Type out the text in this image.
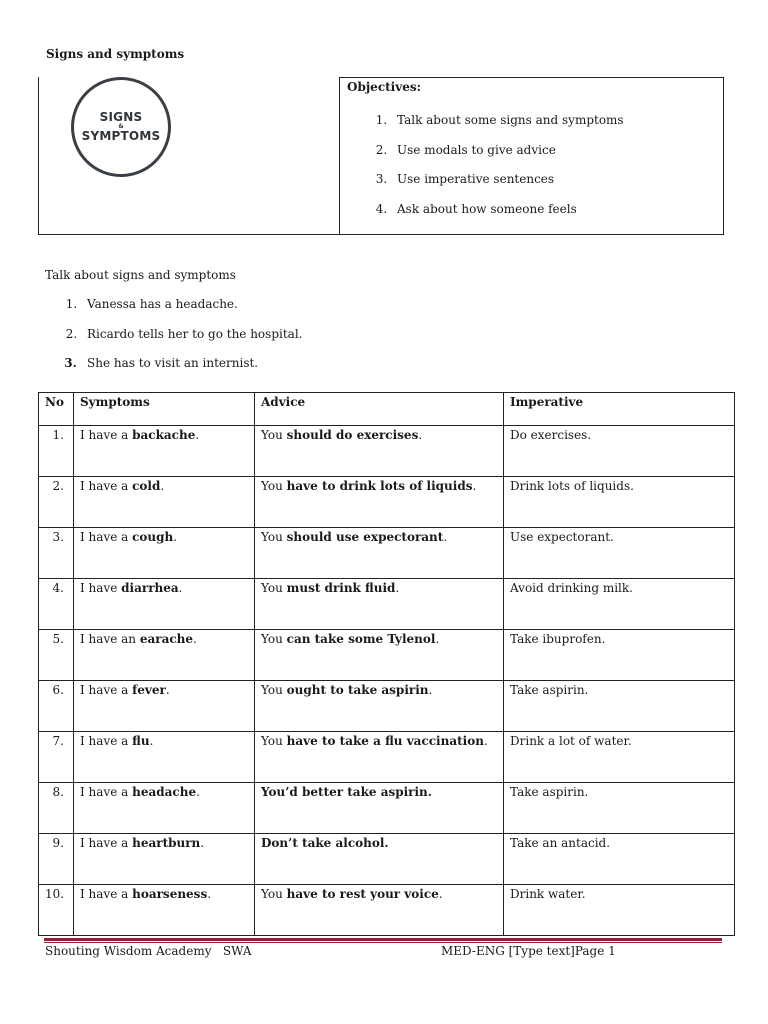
Signs and symptoms
SIGNS
&
SYMPTOMS
Objectives:
1. Talk about some signs and symptoms
2. Use modals to give advice
3. Use imperative sentences
4. Ask about how someone feels
Talk about signs and symptoms
1. Vanessa has a headache.
2. Ricardo tells her to go the hospital.
3. She has to visit an internist.
No	Symptoms	Advice	Imperative
1.	I have a backache.	You should do exercises.	Do exercises.
2.	I have a cold.	You have to drink lots of liquids.	Drink lots of liquids.
3.	I have a cough.	You should use expectorant.	Use expectorant.
4.	I have diarrhea.	You must drink fluid.	Avoid drinking milk.
5.	I have an earache.	You can take some Tylenol.	Take ibuprofen.
6.	I have a fever.	You ought to take aspirin.	Take aspirin.
7.	I have a flu.	You have to take a flu vaccination.	Drink a lot of water.
8.	I have a headache.	You’d better take aspirin.	Take aspirin.
9.	I have a heartburn.	Don’t take alcohol.	Take an antacid.
10.	I have a hoarseness.	You have to rest your voice.	Drink water.
Shouting Wisdom Academy   SWA	MED-ENG [Type text]Page 1
